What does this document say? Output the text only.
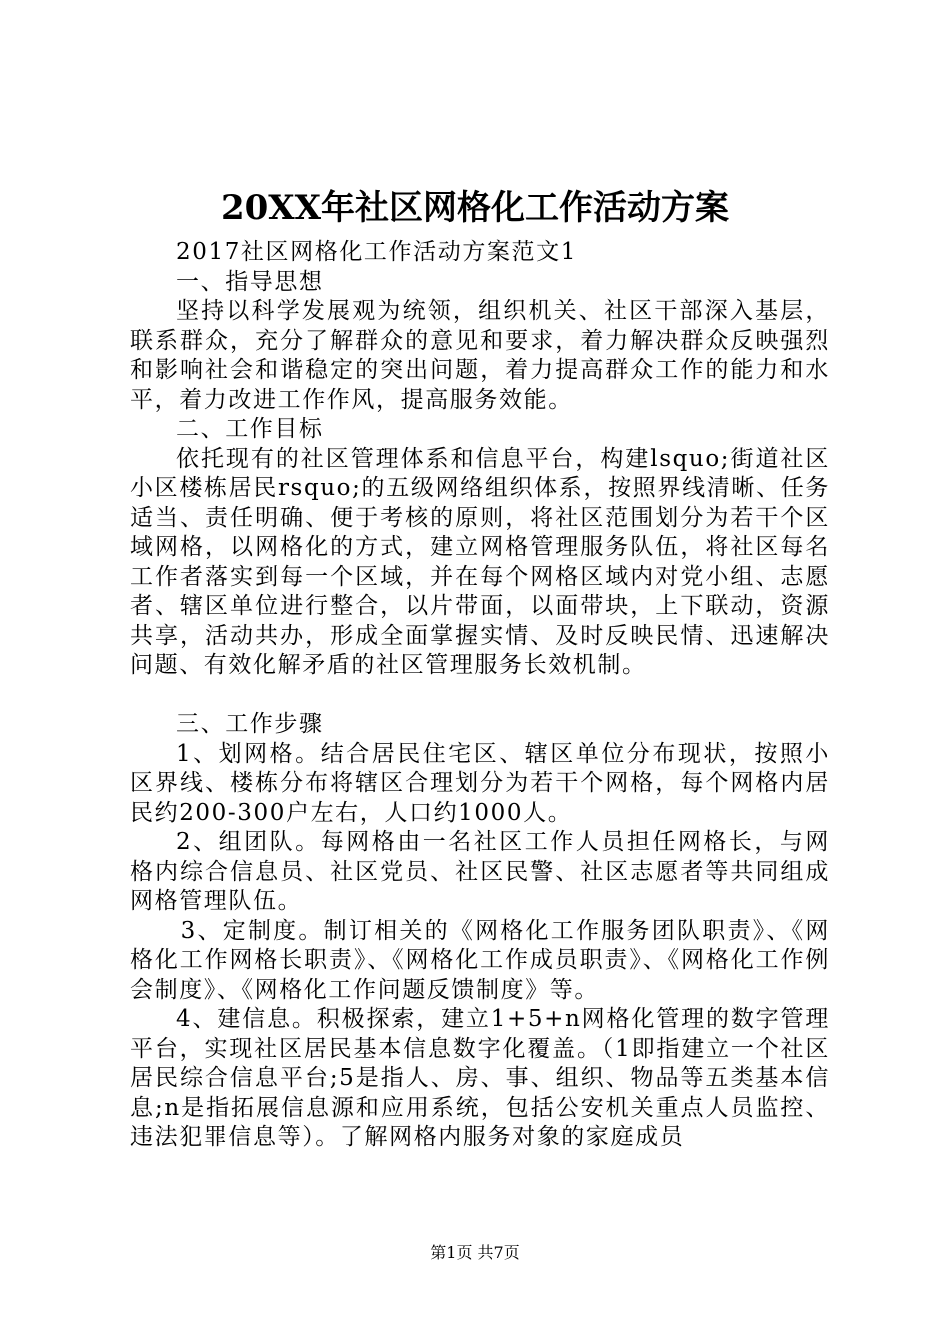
20XX年社区网格化工作活动方案

2017社区网格化工作活动方案范文1

一、指导思想

坚持以科学发展观为统领，组织机关、社区干部深入基层，联系群众，充分了解群众的意见和要求，着力解决群众反映强烈和影响社会和谐稳定的突出问题，着力提高群众工作的能力和水平，着力改进工作作风，提高服务效能。

二、工作目标

依托现有的社区管理体系和信息平台，构建lsquo;街道社区小区楼栋居民rsquo;的五级网络组织体系，按照界线清晰、任务适当、责任明确、便于考核的原则，将社区范围划分为若干个区域网格，以网格化的方式，建立网格管理服务队伍，将社区每名工作者落实到每一个区域，并在每个网格区域内对党小组、志愿者、辖区单位进行整合，以片带面，以面带块，上下联动，资源共享，活动共办，形成全面掌握实情、及时反映民情、迅速解决问题、有效化解矛盾的社区管理服务长效机制。

三、工作步骤

1、划网格。结合居民住宅区、辖区单位分布现状，按照小区界线、楼栋分布将辖区合理划分为若干个网格，每个网格内居民约200-300户左右，人口约1000人。

2、组团队。每网格由一名社区工作人员担任网格长，与网格内综合信息员、社区党员、社区民警、社区志愿者等共同组成网格管理队伍。

3、定制度。制订相关的《网格化工作服务团队职责》、《网格化工作网格长职责》、《网格化工作成员职责》、《网格化工作例会制度》、《网格化工作问题反馈制度》等。

4、建信息。积极探索，建立1+5+n网格化管理的数字管理平台，实现社区居民基本信息数字化覆盖。（1即指建立一个社区居民综合信息平台;5是指人、房、事、组织、物品等五类基本信息;n是指拓展信息源和应用系统，包括公安机关重点人员监控、违法犯罪信息等）。了解网格内服务对象的家庭成员

第1页 共7页
